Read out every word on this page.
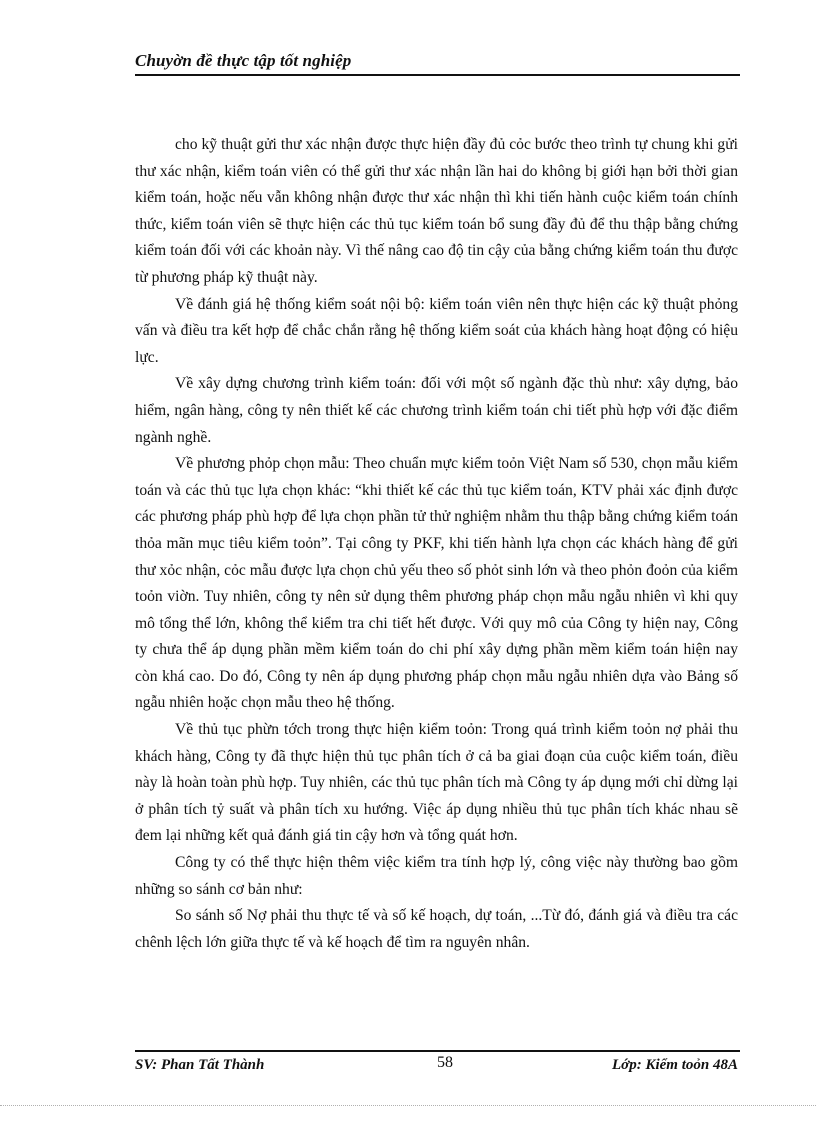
Chuyờn đề thực tập tốt nghiệp

cho kỹ thuật gửi thư xác nhận được thực hiện đầy đủ cỏc bước theo trình tự chung khi gửi thư xác nhận, kiểm toán viên có thể gửi thư xác nhận lần hai do không bị giới hạn bởi thời gian kiểm toán, hoặc nếu vẫn không nhận được thư xác nhận thì khi tiến hành cuộc kiểm toán chính thức, kiểm toán viên sẽ thực hiện các thủ tục kiểm toán bổ sung đầy đủ để thu thập bằng chứng kiểm toán đối với các khoản này. Vì thế nâng cao độ tin cậy của bằng chứng kiểm toán thu được từ phương pháp kỹ thuật này.

Về đánh giá hệ thống kiểm soát nội bộ: kiểm toán viên nên thực hiện các kỹ thuật phỏng vấn và điều tra kết hợp để chắc chắn rằng hệ thống kiểm soát của khách hàng hoạt động có hiệu lực.

Về xây dựng chương trình kiểm toán: đối với một số ngành đặc thù như: xây dựng, bảo hiểm, ngân hàng, công ty nên thiết kế các chương trình kiểm toán chi tiết phù hợp với đặc điểm ngành nghề.

Về phương phỏp chọn mẫu: Theo chuẩn mực kiểm toỏn Việt Nam số 530, chọn mẫu kiểm toán và các thủ tục lựa chọn khác: “khi thiết kế các thủ tục kiểm toán, KTV phải xác định được các phương pháp phù hợp để lựa chọn phần tử thử nghiệm nhằm thu thập bằng chứng kiểm toán thỏa mãn mục tiêu kiểm toỏn”. Tại công ty PKF, khi tiến hành lựa chọn các khách hàng để gửi thư xỏc nhận, cỏc mẫu được lựa chọn chủ yếu theo số phỏt sinh lớn và theo phỏn đoỏn của kiểm toỏn viờn. Tuy nhiên, công ty nên sử dụng thêm phương pháp chọn mẫu ngẫu nhiên vì khi quy mô tổng thể lớn, không thể kiểm tra chi tiết hết được. Với quy mô của Công ty hiện nay, Công ty chưa thể áp dụng phần mềm kiểm toán do chi phí xây dựng phần mềm kiểm toán hiện nay còn khá cao. Do đó, Công ty nên áp dụng phương pháp chọn mẫu ngẫu nhiên dựa vào Bảng số ngẫu nhiên hoặc chọn mẫu theo hệ thống.

Về thủ tục phừn tớch trong thực hiện kiểm toỏn: Trong quá trình kiểm toỏn nợ phải thu khách hàng, Công ty đã thực hiện thủ tục phân tích ở cả ba giai đoạn của cuộc kiểm toán, điều này là hoàn toàn phù hợp. Tuy nhiên, các thủ tục phân tích mà Công ty áp dụng mới chỉ dừng lại ở phân tích tỷ suất và phân tích xu hướng. Việc áp dụng nhiều thủ tục phân tích khác nhau sẽ đem lại những kết quả đánh giá tin cậy hơn và tổng quát hơn.

Công ty có thể thực hiện thêm việc kiểm tra tính hợp lý, công việc này thường bao gồm những so sánh cơ bản như:

So sánh số Nợ phải thu thực tế và số kế hoạch, dự toán, ...Từ đó, đánh giá và điều tra các chênh lệch lớn giữa thực tế và kế hoạch để tìm ra nguyên nhân.

SV: Phan Tất Thành	58	Lớp: Kiểm toỏn 48A
